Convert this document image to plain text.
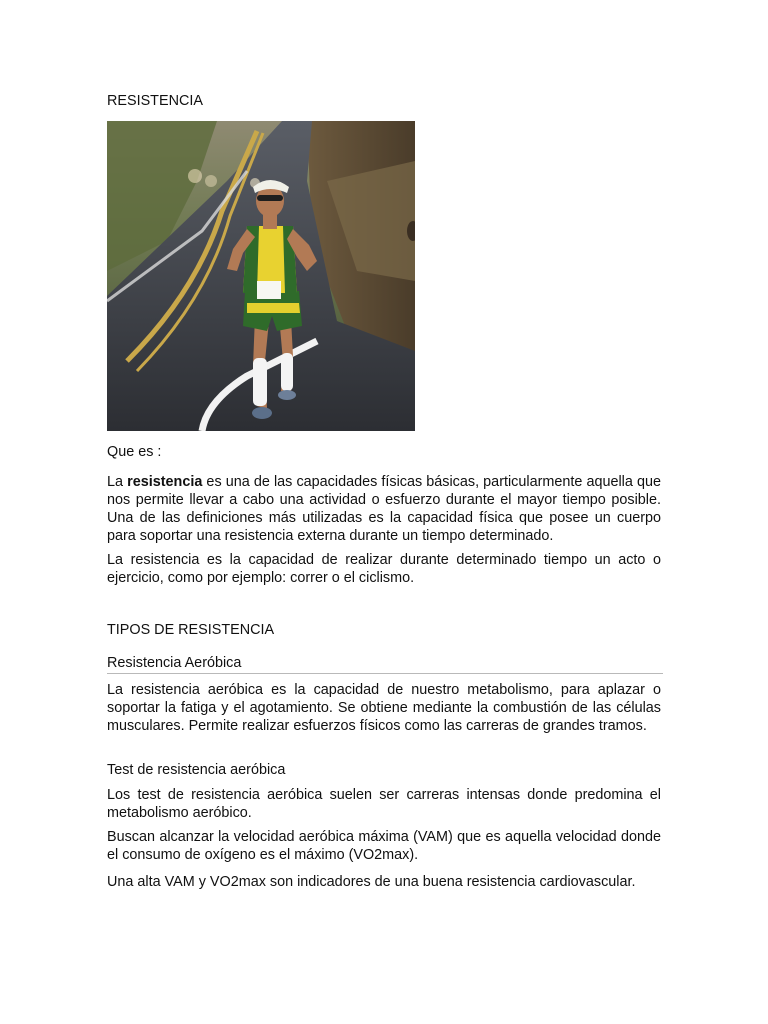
RESISTENCIA
Que es :
La resistencia es una de las capacidades físicas básicas, particularmente aquella que nos permite llevar a cabo una actividad o esfuerzo durante el mayor tiempo posible. Una de las definiciones más utilizadas es la capacidad física que posee un cuerpo para soportar una resistencia externa durante un tiempo determinado.
La resistencia es la capacidad de realizar durante determinado tiempo un acto o ejercicio, como por ejemplo: correr o el ciclismo.
TIPOS DE RESISTENCIA
Resistencia Aeróbica
La resistencia aeróbica es la capacidad de nuestro metabolismo, para aplazar o soportar la fatiga y el agotamiento. Se obtiene mediante la combustión de las células musculares. Permite realizar esfuerzos físicos como las carreras de grandes tramos.
Test de resistencia aeróbica
Los test de resistencia aeróbica suelen ser carreras intensas donde predomina el metabolismo aeróbico.
Buscan alcanzar la velocidad aeróbica máxima (VAM) que es aquella velocidad donde el consumo de oxígeno es el máximo (VO2max).
Una alta VAM y VO2max son indicadores de una buena resistencia cardiovascular.
